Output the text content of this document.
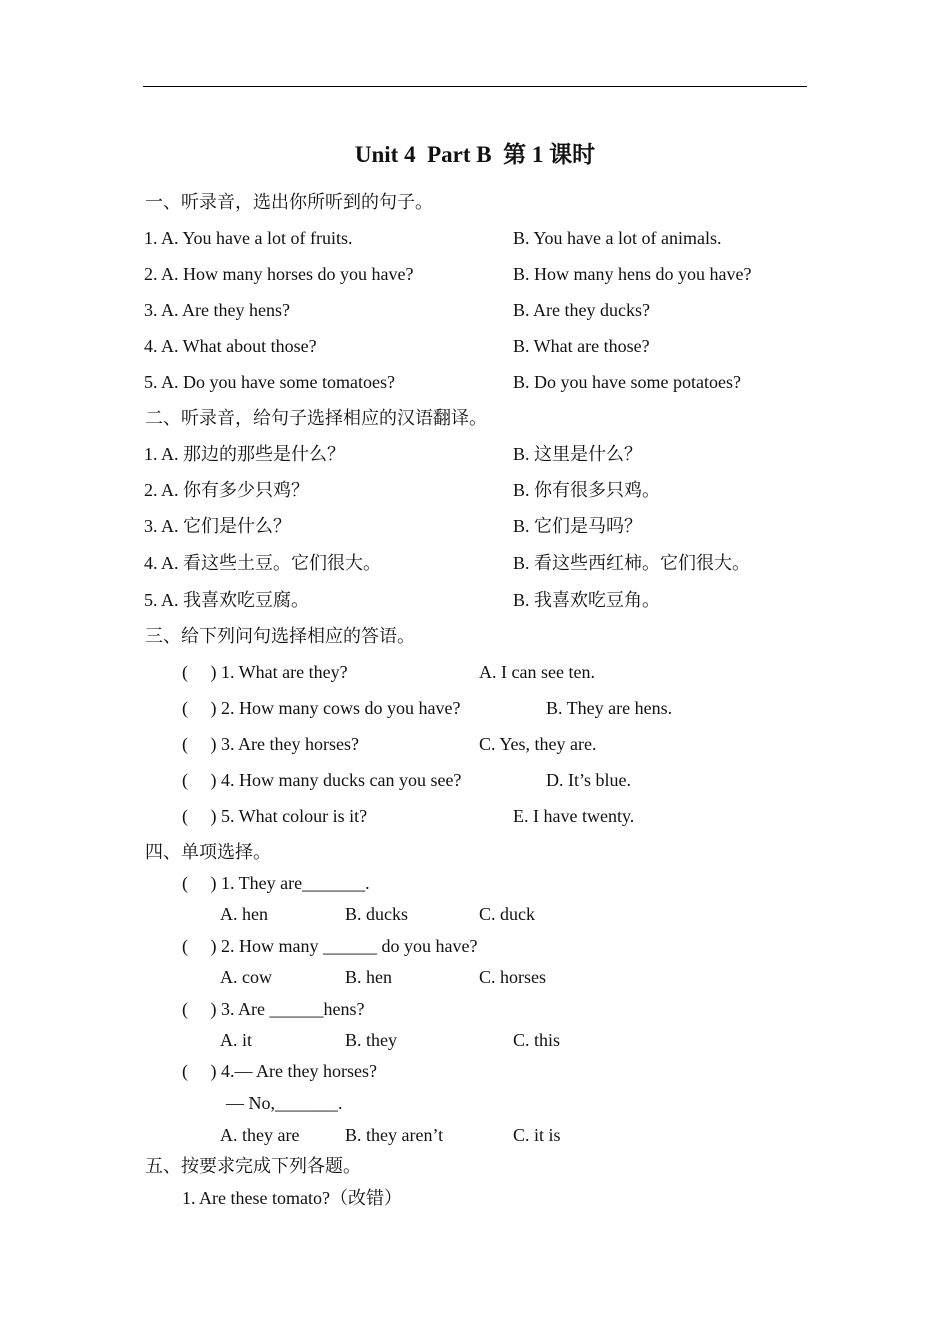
Unit 4  Part B  第 1 课时
一、听录音，选出你所听到的句子。
1. A. You have a lot of fruits.	B. You have a lot of animals.
2. A. How many horses do you have?	B. How many hens do you have?
3. A. Are they hens?	B. Are they ducks?
4. A. What about those?	B. What are those?
5. A. Do you have some tomatoes?	B. Do you have some potatoes?
二、听录音，给句子选择相应的汉语翻译。
1. A. 那边的那些是什么？	B. 这里是什么？
2. A. 你有多少只鸡？	B. 你有很多只鸡。
3. A. 它们是什么？	B. 它们是马吗？
4. A. 看这些土豆。它们很大。	B. 看这些西红柿。它们很大。
5. A. 我喜欢吃豆腐。	B. 我喜欢吃豆角。
三、给下列问句选择相应的答语。
(     ) 1. What are they?	A. I can see ten.
(     ) 2. How many cows do you have?	B. They are hens.
(     ) 3. Are they horses?	C. Yes, they are.
(     ) 4. How many ducks can you see?	D. It’s blue.
(     ) 5. What colour is it?	E. I have twenty.
四、单项选择。
(     ) 1. They are_______.
A. hen	B. ducks	C. duck
(     ) 2. How many ______ do you have?
A. cow	B. hen	C. horses
(     ) 3. Are ______hens?
A. it	B. they	C. this
(     ) 4.— Are they horses?
— No,_______.
A. they are	B. they aren’t	C. it is
五、按要求完成下列各题。
1. Are these tomato?（改错）
